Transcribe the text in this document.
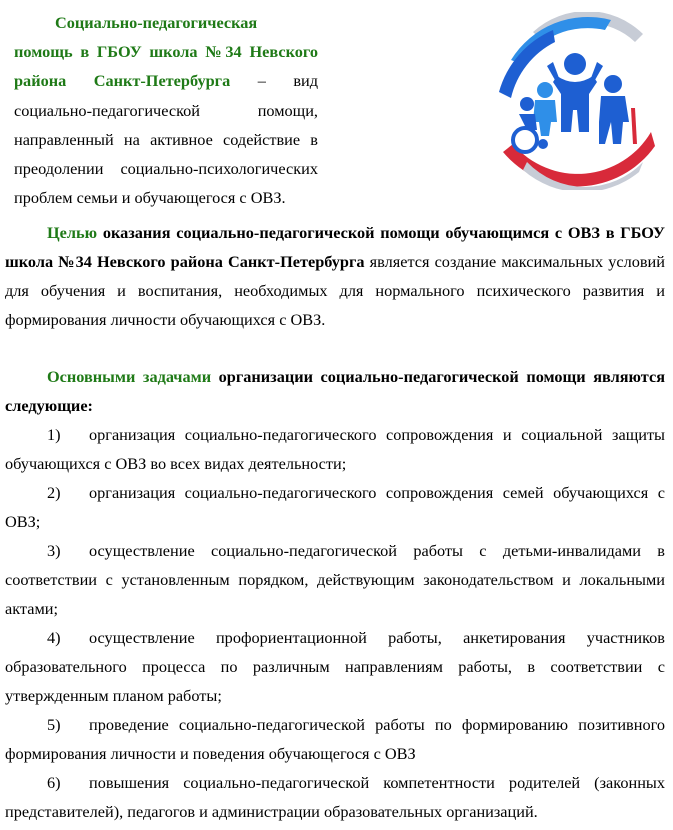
Социально-педагогическая
помощь в ГБОУ школа №34 Невского
района Санкт-Петербурга – вид социально-педагогической помощи, направленный на активное содействие в преодолении социально-психологических проблем семьи и обучающегося с ОВЗ.
Целью оказания социально-педагогической помощи обучающимся с ОВЗ в ГБОУ школа №34 Невского района Санкт-Петербурга является создание максимальных условий для обучения и воспитания, необходимых для нормального психического развития и формирования личности обучающихся с ОВЗ.
Основными задачами организации социально-педагогической помощи являются следующие:
1) организация социально-педагогического сопровождения и социальной защиты обучающихся с ОВЗ во всех видах деятельности;
2) организация социально-педагогического сопровождения семей обучающихся с ОВЗ;
3) осуществление социально-педагогической работы с детьми-инвалидами в соответствии с установленным порядком, действующим законодательством и локальными актами;
4) осуществление профориентационной работы, анкетирования участников образовательного процесса по различным направлениям работы, в соответствии с утвержденным планом работы;
5) проведение социально-педагогической работы по формированию позитивного формирования личности и поведения обучающегося с ОВЗ
6) повышения социально-педагогической компетентности родителей (законных представителей), педагогов и администрации образовательных организаций.
